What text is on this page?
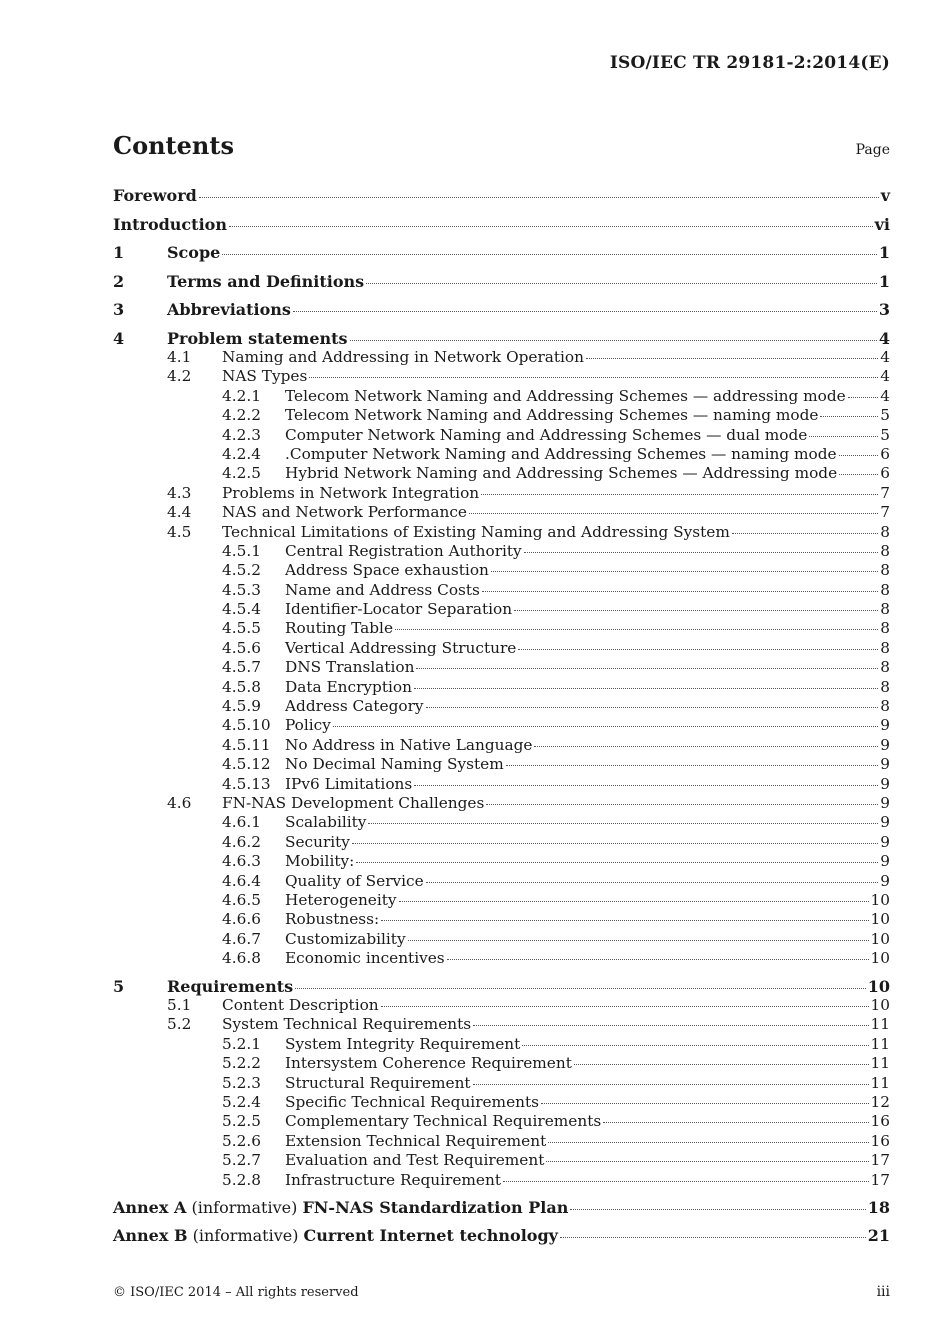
ISO/IEC TR 29181-2:2014(E)
Contents	Page
Foreword	v
Introduction	vi
1	Scope	1
2	Terms and Definitions	1
3	Abbreviations	3
4	Problem statements	4
4.1	Naming and Addressing in Network Operation	4
4.2	NAS Types	4
4.2.1	Telecom Network Naming and Addressing Schemes — addressing mode 4
4.2.2	Telecom Network Naming and Addressing Schemes — naming mode	5
4.2.3	Computer Network Naming and Addressing Schemes — dual mode	5
4.2.4	.Computer Network Naming and Addressing Schemes — naming mode	6
4.2.5	Hybrid Network Naming and Addressing Schemes — Addressing mode	6
4.3	Problems in Network Integration	7
4.4	NAS and Network Performance	7
4.5	Technical Limitations of Existing Naming and Addressing System	8
4.5.1	Central Registration Authority	8
4.5.2	Address Space exhaustion	8
4.5.3	Name and Address Costs	8
4.5.4	Identifier-Locator Separation	8
4.5.5	Routing Table	8
4.5.6	Vertical Addressing Structure	8
4.5.7	DNS Translation	8
4.5.8	Data Encryption	8
4.5.9	Address Category	8
4.5.10 Policy	9
4.5.11 No Address in Native Language	9
4.5.12 No Decimal Naming System	9
4.5.13 IPv6 Limitations	9
4.6	FN-NAS Development Challenges	9
4.6.1	Scalability	9
4.6.2	Security	9
4.6.3	Mobility:	9
4.6.4	Quality of Service	9
4.6.5	Heterogeneity	10
4.6.6	Robustness:	10
4.6.7	Customizability	10
4.6.8	Economic incentives	10
5	Requirements	10
5.1	Content Description	10
5.2	System Technical Requirements	11
5.2.1	System Integrity Requirement	11
5.2.2	Intersystem Coherence Requirement	11
5.2.3	Structural Requirement	11
5.2.4	Specific Technical Requirements	12
5.2.5	Complementary Technical Requirements	16
5.2.6	Extension Technical Requirement	16
5.2.7	Evaluation and Test Requirement	17
5.2.8	Infrastructure Requirement	17
Annex A (informative) FN-NAS Standardization Plan	18
Annex B (informative) Current Internet technology	21
© ISO/IEC 2014 – All rights reserved	iii
